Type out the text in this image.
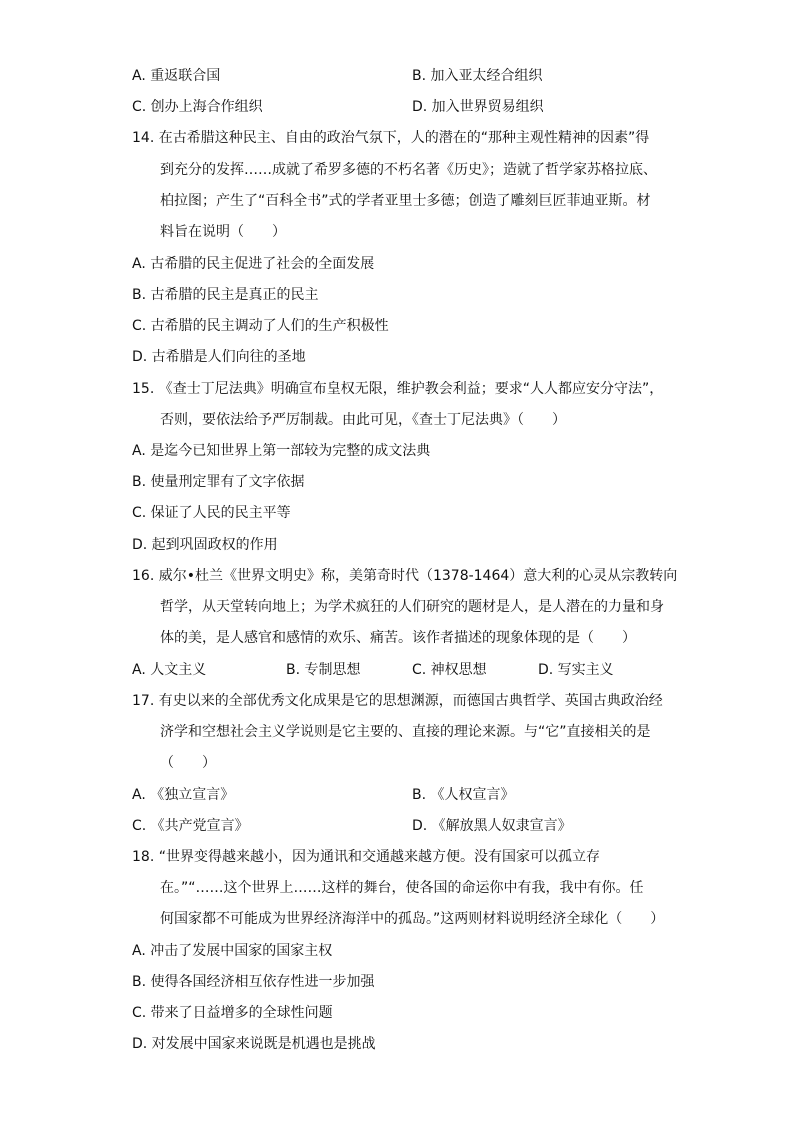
A. 重返联合国	B. 加入亚太经合组织
C. 创办上海合作组织	D. 加入世界贸易组织
14. 在古希腊这种民主、自由的政治气氛下，人的潜在的“那种主观性精神的因素”得
到充分的发挥……成就了希罗多德的不朽名著《历史》；造就了哲学家苏格拉底、
柏拉图；产生了“百科全书”式的学者亚里士多德；创造了雕刻巨匠菲迪亚斯。材
料旨在说明（　　）
A. 古希腊的民主促进了社会的全面发展
B. 古希腊的民主是真正的民主
C. 古希腊的民主调动了人们的生产积极性
D. 古希腊是人们向往的圣地
15. 《查士丁尼法典》明确宣布皇权无限，维护教会利益；要求“人人都应安分守法”，
否则，要依法给予严厉制裁。由此可见，《查士丁尼法典》（　　）
A. 是迄今已知世界上第一部较为完整的成文法典
B. 使量刑定罪有了文字依据
C. 保证了人民的民主平等
D. 起到巩固政权的作用
16. 威尔•杜兰《世界文明史》称，美第奇时代（1378-1464）意大利的心灵从宗教转向
哲学，从天堂转向地上；为学术疯狂的人们研究的题材是人，是人潜在的力量和身
体的美，是人感官和感情的欢乐、痛苦。该作者描述的现象体现的是（　　）
A. 人文主义	B. 专制思想	C. 神权思想	D. 写实主义
17. 有史以来的全部优秀文化成果是它的思想渊源，而德国古典哲学、英国古典政治经
济学和空想社会主义学说则是它主要的、直接的理论来源。与“它”直接相关的是
（　　）
A. 《独立宣言》	B. 《人权宣言》
C. 《共产党宣言》	D. 《解放黑人奴隶宣言》
18. “世界变得越来越小，因为通讯和交通越来越方便。没有国家可以孤立存
在。”“……这个世界上……这样的舞台，使各国的命运你中有我，我中有你。任
何国家都不可能成为世界经济海洋中的孤岛。”这两则材料说明经济全球化（　　）
A. 冲击了发展中国家的国家主权
B. 使得各国经济相互依存性进一步加强
C. 带来了日益增多的全球性问题
D. 对发展中国家来说既是机遇也是挑战
